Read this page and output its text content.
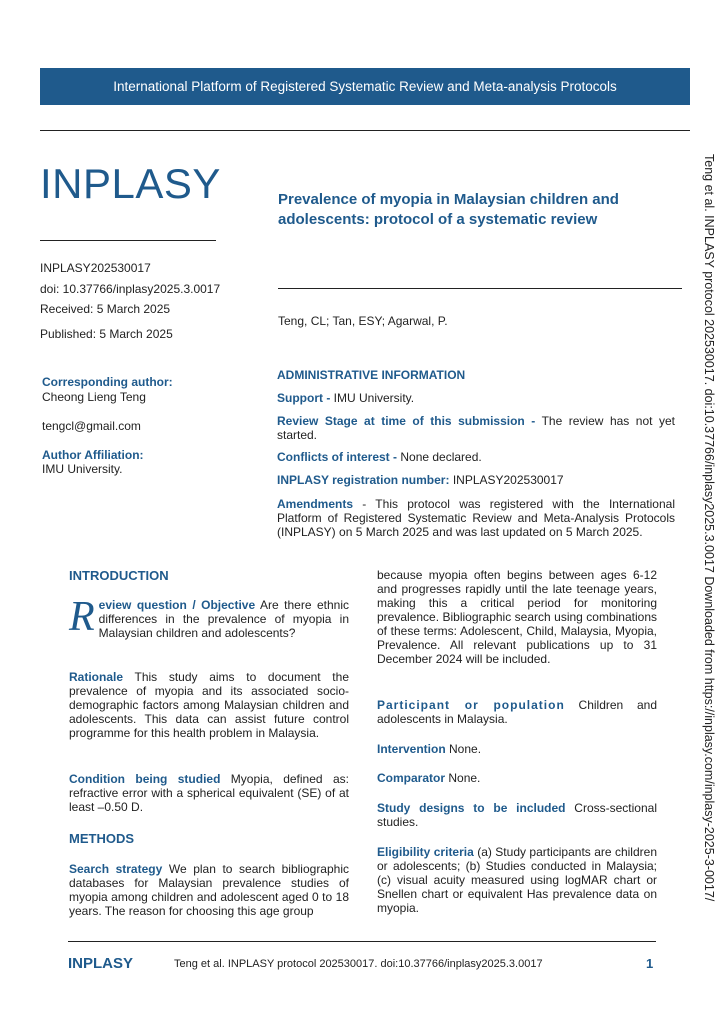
International Platform of Registered Systematic Review and Meta-analysis Protocols
INPLASY	Prevalence of myopia in Malaysian children and adolescents: protocol of a systematic review
INPLASY202530017
doi: 10.37766/inplasy2025.3.0017
Received: 5 March 2025
Published: 5 March 2025
Teng, CL; Tan, ESY; Agarwal, P.
Corresponding author:
Cheong Lieng Teng
tengcl@gmail.com
Author Affiliation:
IMU University.
ADMINISTRATIVE INFORMATION
Support - IMU University.
Review Stage at time of this submission - The review has not yet started.
Conflicts of interest - None declared.
INPLASY registration number: INPLASY202530017
Amendments - This protocol was registered with the International Platform of Registered Systematic Review and Meta-Analysis Protocols (INPLASY) on 5 March 2025 and was last updated on 5 March 2025.
INTRODUCTION
Review question / Objective Are there ethnic differences in the prevalence of myopia in Malaysian children and adolescents?
Rationale This study aims to document the prevalence of myopia and its associated socio-demographic factors among Malaysian children and adolescents. This data can assist future control programme for this health problem in Malaysia.
Condition being studied Myopia, defined as: refractive error with a spherical equivalent (SE) of at least –0.50 D.
METHODS
Search strategy We plan to search bibliographic databases for Malaysian prevalence studies of myopia among children and adolescent aged 0 to 18 years. The reason for choosing this age group
because myopia often begins between ages 6-12 and progresses rapidly until the late teenage years, making this a critical period for monitoring prevalence. Bibliographic search using combinations of these terms: Adolescent, Child, Malaysia, Myopia, Prevalence. All relevant publications up to 31 December 2024 will be included.
Participant or population Children and adolescents in Malaysia.
Intervention None.
Comparator None.
Study designs to be included Cross-sectional studies.
Eligibility criteria (a) Study participants are children or adolescents; (b) Studies conducted in Malaysia; (c) visual acuity measured using logMAR chart or Snellen chart or equivalent Has prevalence data on myopia.
Teng et al. INPLASY protocol 202530017. doi:10.37766/inplasy2025.3.0017 Downloaded from https://inplasy.com/inplasy-2025-3-0017/
INPLASY	Teng et al. INPLASY protocol 202530017. doi:10.37766/inplasy2025.3.0017	1
